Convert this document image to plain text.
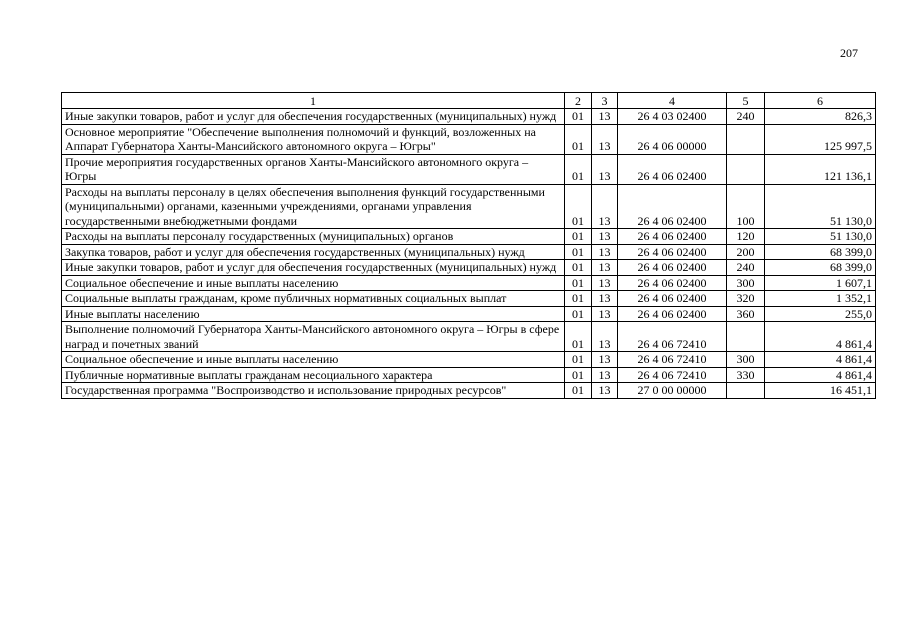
207
1	2	3	4	5	6
Иные закупки товаров, работ и услуг для обеспечения государственных (муниципальных) нужд	01	13	26 4 03 02400	240	826,3
Основное мероприятие "Обеспечение выполнения полномочий и функций, возложенных на Аппарат Губернатора Ханты-Мансийского автономного округа – Югры"	01	13	26 4 06 00000		125 997,5
Прочие мероприятия государственных органов Ханты-Мансийского автономного округа – Югры	01	13	26 4 06 02400		121 136,1
Расходы на выплаты персоналу в целях обеспечения выполнения функций государственными (муниципальными) органами, казенными учреждениями, органами управления государственными внебюджетными фондами	01	13	26 4 06 02400	100	51 130,0
Расходы на выплаты персоналу государственных (муниципальных) органов	01	13	26 4 06 02400	120	51 130,0
Закупка товаров, работ и услуг для обеспечения государственных (муниципальных) нужд	01	13	26 4 06 02400	200	68 399,0
Иные закупки товаров, работ и услуг для обеспечения государственных (муниципальных) нужд	01	13	26 4 06 02400	240	68 399,0
Социальное обеспечение и иные выплаты населению	01	13	26 4 06 02400	300	1 607,1
Социальные выплаты гражданам, кроме публичных нормативных социальных выплат	01	13	26 4 06 02400	320	1 352,1
Иные выплаты населению	01	13	26 4 06 02400	360	255,0
Выполнение полномочий Губернатора Ханты-Мансийского автономного округа – Югры в сфере наград и почетных званий	01	13	26 4 06 72410		4 861,4
Социальное обеспечение и иные выплаты населению	01	13	26 4 06 72410	300	4 861,4
Публичные нормативные выплаты гражданам несоциального характера	01	13	26 4 06 72410	330	4 861,4
Государственная программа "Воспроизводство и использование природных ресурсов"	01	13	27 0 00 00000		16 451,1
